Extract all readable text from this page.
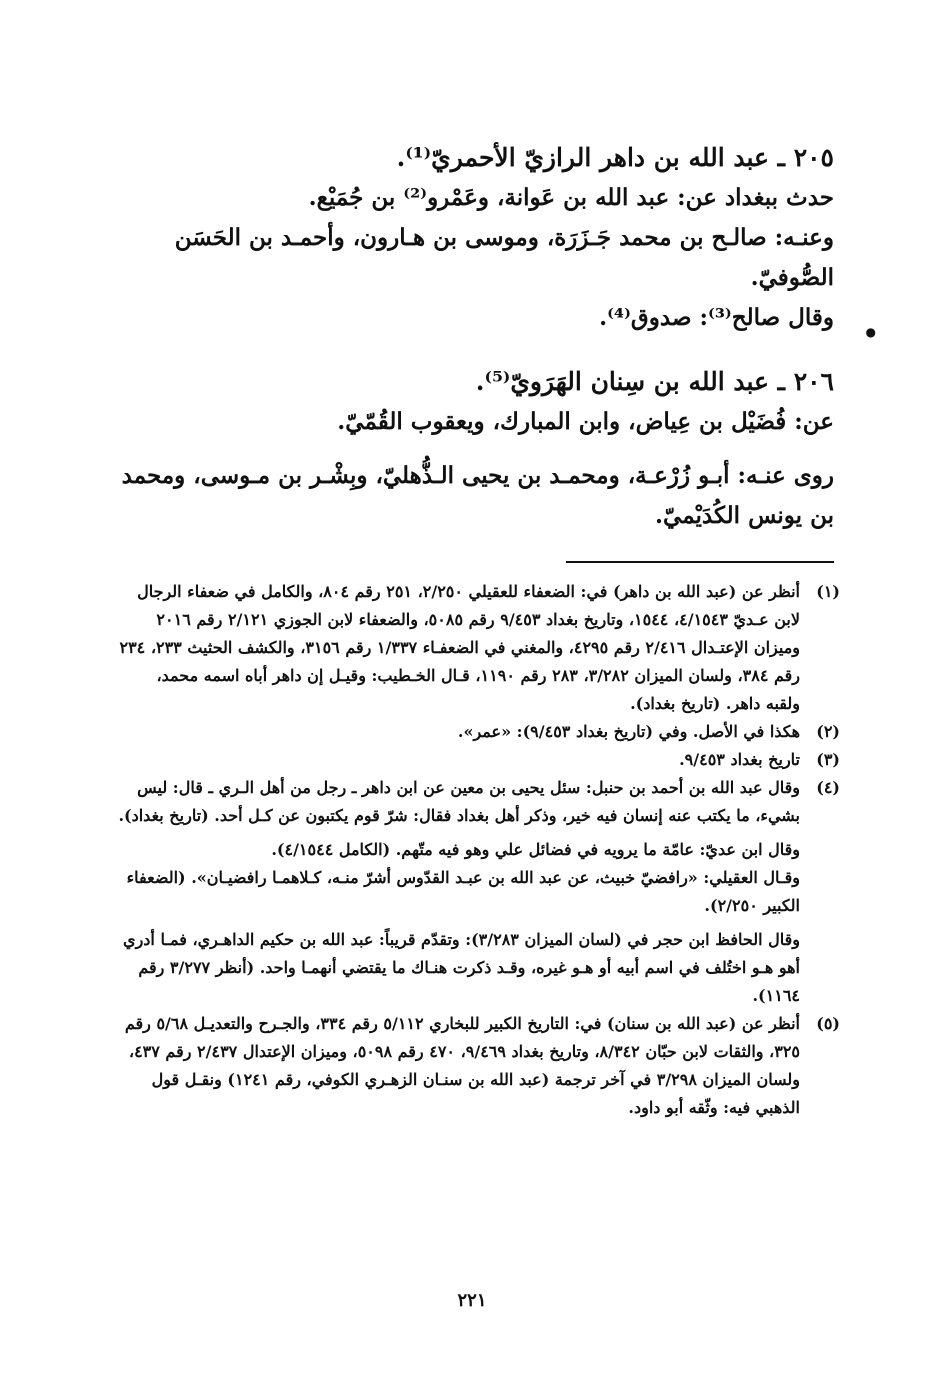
٢٠٥ ـ عبد الله بن داهر الرازيّ الأحمريّ⁽¹⁾.
حدث ببغداد عن: عبد الله بن عَوانة، وعَمْرو⁽²⁾ بن جُمَيْع.
وعنـه: صالـح بن محمد جَـزَرَة، وموسى بن هـارون، وأحمـد بن الحَسَن الصُّوفيّ.
●
وقال صالح⁽³⁾: صدوق⁽⁴⁾.
٢٠٦ ـ عبد الله بن سِنان الهَرَويّ⁽⁵⁾.
عن: فُضَيْل بن عِياض، وابن المبارك، ويعقوب القُمّيّ.
روى عنـه: أبـو زُرْعـة، ومحمـد بن يحيى الـذُّهليّ، وبِشْـر بن مـوسى، ومحمد بن يونس الكُدَيْميّ.
(١)

أنظر عن (عبد الله بن داهر) في: الضعفاء للعقيلي ٢/٢٥٠، ٢٥١ رقم ٨٠٤، والكامل في ضعفاء الرجال لابن عـديّ ٤/١٥٤٣، ١٥٤٤، وتاريخ بغداد ٩/٤٥٣ رقم ٥٠٨٥، والضعفاء لابن الجوزي ٢/١٢١ رقم ٢٠١٦ وميزان الإعتـدال ٢/٤١٦ رقم ٤٢٩٥، والمغني في الضعفـاء ١/٣٣٧ رقم ٣١٥٦، والكشف الحثيث ٢٣٣، ٢٣٤ رقم ٣٨٤، ولسان الميزان ٣/٢٨٢، ٢٨٣ رقم ١١٩٠، قـال الخـطيب: وقيـل إن داهر أباه اسمه محمد، ولقبه داهر. (تاريخ بغداد).

(٢)

هكذا في الأصل. وفي (تاريخ بغداد ٩/٤٥٣): «عمر».

(٣)

تاريخ بغداد ٩/٤٥٣.

(٤)

وقال عبد الله بن أحمد بن حنبل: سئل يحيى بن معين عن ابن داهر ـ رجل من أهل الـري ـ قال: ليس بشيء، ما يكتب عنه إنسان فيه خير، وذكر أهل بغداد فقال: شرّ قوم يكتبون عن كـل أحد. (تاريخ بغداد).

وقال ابن عديّ: عامّة ما يرويه في فضائل علي وهو فيه متّهم. (الكامل ٤/١٥٤٤).

وقـال العقيلي: «رافضيّ خبيث، عن عبد الله بن عبـد القدّوس أشرّ منـه، كـلاهمـا رافضيـان». (الضعفاء الكبير ٢/٢٥٠).

وقال الحافظ ابن حجر في (لسان الميزان ٣/٢٨٣): وتقدّم قريباً: عبد الله بن حكيم الداهـري، فمـا أدري أهو هـو اختُلف في اسم أبيه أو هـو غيره، وقـد ذكرت هنـاك ما يقتضي أنهمـا واحد. (أنظر ٣/٢٧٧ رقم ١١٦٤).

(٥)

أنظر عن (عبد الله بن سنان) في: التاريخ الكبير للبخاري ٥/١١٢ رقم ٣٣٤، والجـرح والتعديـل ٥/٦٨ رقم ٣٢٥، والثقات لابن حبّان ٨/٣٤٢، وتاريخ بغداد ٩/٤٦٩، ٤٧٠ رقم ٥٠٩٨، وميزان الإعتدال ٢/٤٣٧ رقم ٤٣٧، ولسان الميزان ٣/٢٩٨ في آخر ترجمة (عبد الله بن سنـان الزهـري الكوفي، رقم ١٢٤١) ونقـل قول الذهبي فيه: وثّقه أبو داود.

٢٢١
